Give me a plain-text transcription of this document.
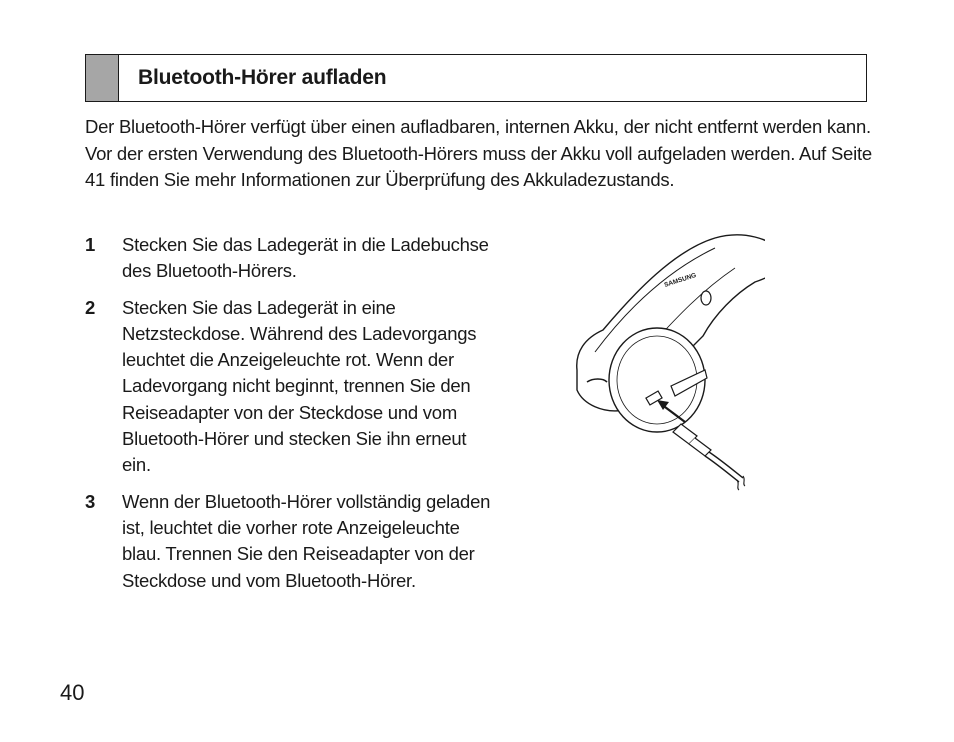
Bluetooth-Hörer aufladen

Der Bluetooth-Hörer verfügt über einen aufladbaren, internen Akku, der nicht entfernt werden kann. Vor der ersten Verwendung des Bluetooth-Hörers muss der Akku voll aufgeladen werden. Auf Seite 41 finden Sie mehr Informationen zur Überprüfung des Akkuladezustands.

1 Stecken Sie das Ladegerät in die Ladebuchse des Bluetooth-Hörers.
2 Stecken Sie das Ladegerät in eine Netzsteckdose. Während des Ladevorgangs leuchtet die Anzeigeleuchte rot. Wenn der Ladevorgang nicht beginnt, trennen Sie den Reiseadapter von der Steckdose und vom Bluetooth-Hörer und stecken Sie ihn erneut ein.
3 Wenn der Bluetooth-Hörer vollständig geladen ist, leuchtet die vorher rote Anzeigeleuchte blau. Trennen Sie den Reiseadapter von der Steckdose und vom Bluetooth-Hörer.
SAMSUNG
40
